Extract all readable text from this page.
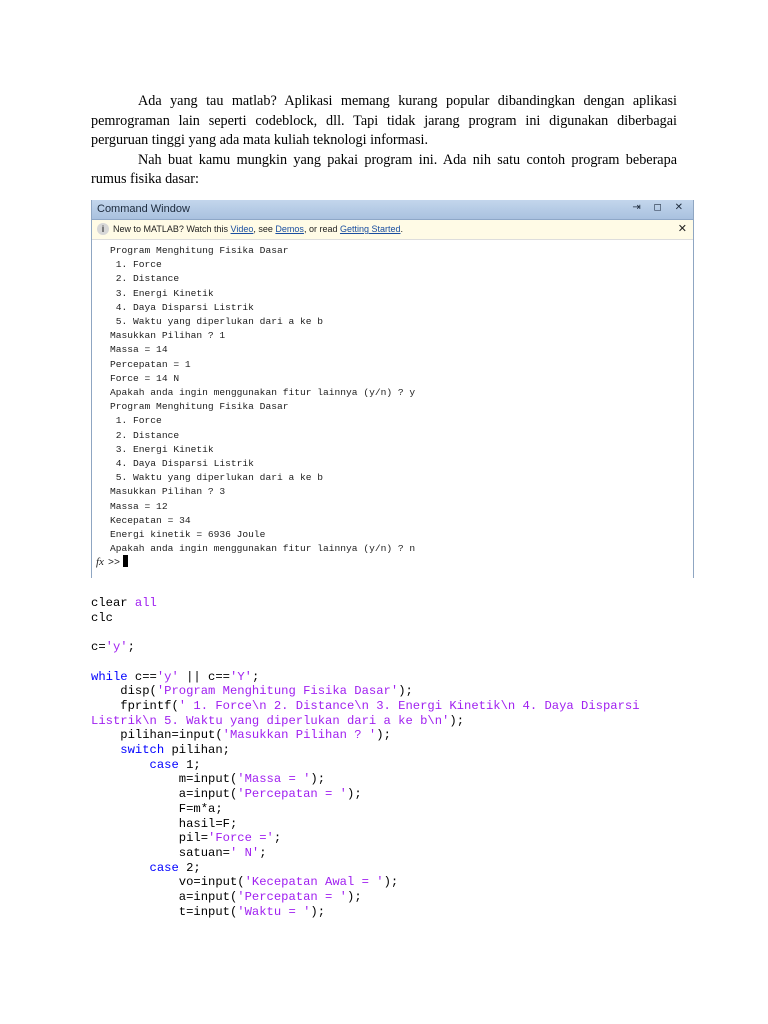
Ada yang tau matlab? Aplikasi memang kurang popular dibandingkan dengan aplikasi pemrograman lain seperti codeblock, dll. Tapi tidak jarang program ini digunakan diberbagai perguruan tinggi yang ada mata kuliah teknologi informasi.

Nah buat kamu mungkin yang pakai program ini. Ada nih satu contoh program beberapa rumus fisika dasar:

Command Window	⇥ ◻ ✕
i New to MATLAB? Watch this Video, see Demos, or read Getting Started.	✕
Program Menghitung Fisika Dasar
1. Force
2. Distance
3. Energi Kinetik
4. Daya Disparsi Listrik
5. Waktu yang diperlukan dari a ke b
Masukkan Pilihan ? 1
Massa = 14
Percepatan = 1
Force = 14 N
Apakah anda ingin menggunakan fitur lainnya (y/n) ? y
Program Menghitung Fisika Dasar
1. Force
2. Distance
3. Energi Kinetik
4. Daya Disparsi Listrik
5. Waktu yang diperlukan dari a ke b
Masukkan Pilihan ? 3
Massa = 12
Kecepatan = 34
Energi kinetik = 6936 Joule
Apakah anda ingin menggunakan fitur lainnya (y/n) ? n
fx >>
clear all
clc

c='y';

while c=='y' || c=='Y';
disp('Program Menghitung Fisika Dasar');
fprintf(' 1. Force\n 2. Distance\n 3. Energi Kinetik\n 4. Daya Disparsi
Listrik\n 5. Waktu yang diperlukan dari a ke b\n');
pilihan=input('Masukkan Pilihan ? ');
switch pilihan;
case 1;
m=input('Massa = ');
a=input('Percepatan = ');
F=m*a;
hasil=F;
pil='Force =';
satuan=' N';
case 2;
vo=input('Kecepatan Awal = ');
a=input('Percepatan = ');
t=input('Waktu = ');
